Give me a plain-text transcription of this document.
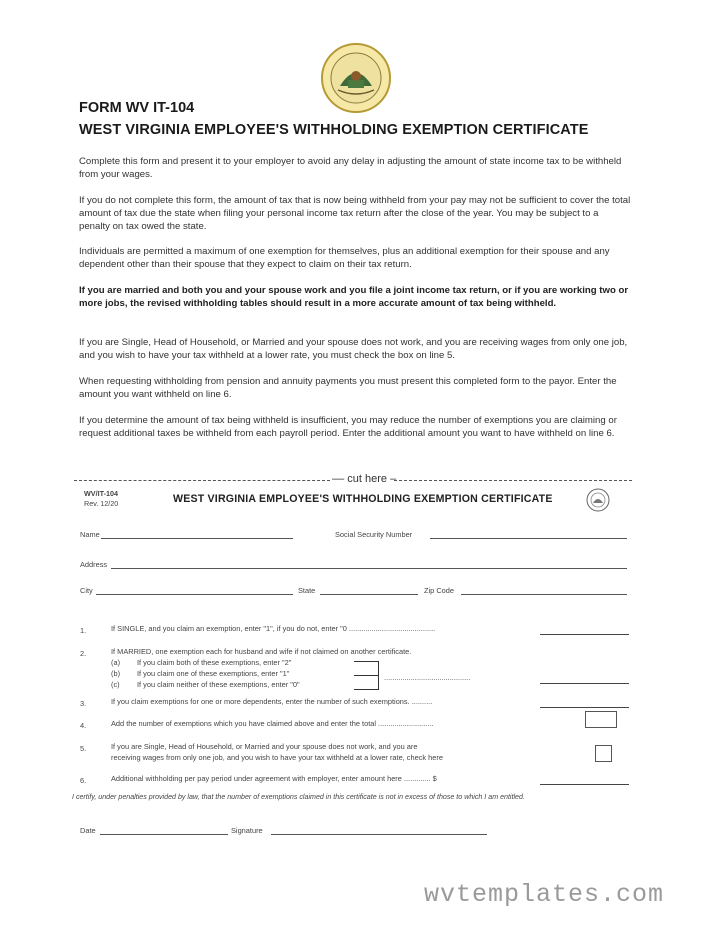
FORM WV IT-104
WEST VIRGINIA EMPLOYEE'S WITHHOLDING EXEMPTION CERTIFICATE
Complete this form and present it to your employer to avoid any delay in adjusting the amount of state income tax to be withheld from your wages.
If you do not complete this form, the amount of tax that is now being withheld from your pay may not be sufficient to cover the total amount of tax due the state when filing your personal income tax return after the close of the year. You may be subject to a penalty on tax owed the state.
Individuals are permitted a maximum of one exemption for themselves, plus an additional exemption for their spouse and any dependent other than their spouse that they expect to claim on their tax return.
If you are married and both you and your spouse work and you file a joint income tax return, or if you are working two or more jobs, the revised withholding tables should result in a more accurate amount of tax being withheld.
If you are Single, Head of Household, or Married and your spouse does not work, and you are receiving wages from only one job, and you wish to have your tax withheld at a lower rate, you must check the box on line 5.
When requesting withholding from pension and annuity payments you must present this completed form to the payor. Enter the amount you want withheld on line 6.
If you determine the amount of tax being withheld is insufficient, you may reduce the number of exemptions you are claiming or request additional taxes be withheld from each payroll period. Enter the additional amount you want to have withheld on line 6.
–– cut here –
WV/IT-104
Rev. 12/20	WEST VIRGINIA EMPLOYEE'S WITHHOLDING EXEMPTION CERTIFICATE
Name	Social Security Number
Address
City	State	Zip Code
1.	If SINGLE, and you claim an exemption, enter "1", if you do not, enter "0 ..........................................
2.	If MARRIED, one exemption each for husband and wife if not claimed on another certificate.
(a) If you claim both of these exemptions, enter "2"
(b) If you claim one of these exemptions, enter "1"
(c) If you claim neither of these exemptions, enter "0"
..........................................
3.	If you claim exemptions for one or more dependents, enter the number of such exemptions. ..........
4.	Add the number of exemptions which you have claimed above and enter the total ...........................
5.	If you are Single, Head of Household, or Married and your spouse does not work, and you are
receiving wages from only one job, and you wish to have your tax withheld at a lower rate, check here
6.	Additional withholding per pay period under agreement with employer, enter amount here ............. $
I certify, under penalties provided by law, that the number of exemptions claimed in this certificate is not in excess of those to which I am entitled.
Date	Signature
wvtemplates.com
